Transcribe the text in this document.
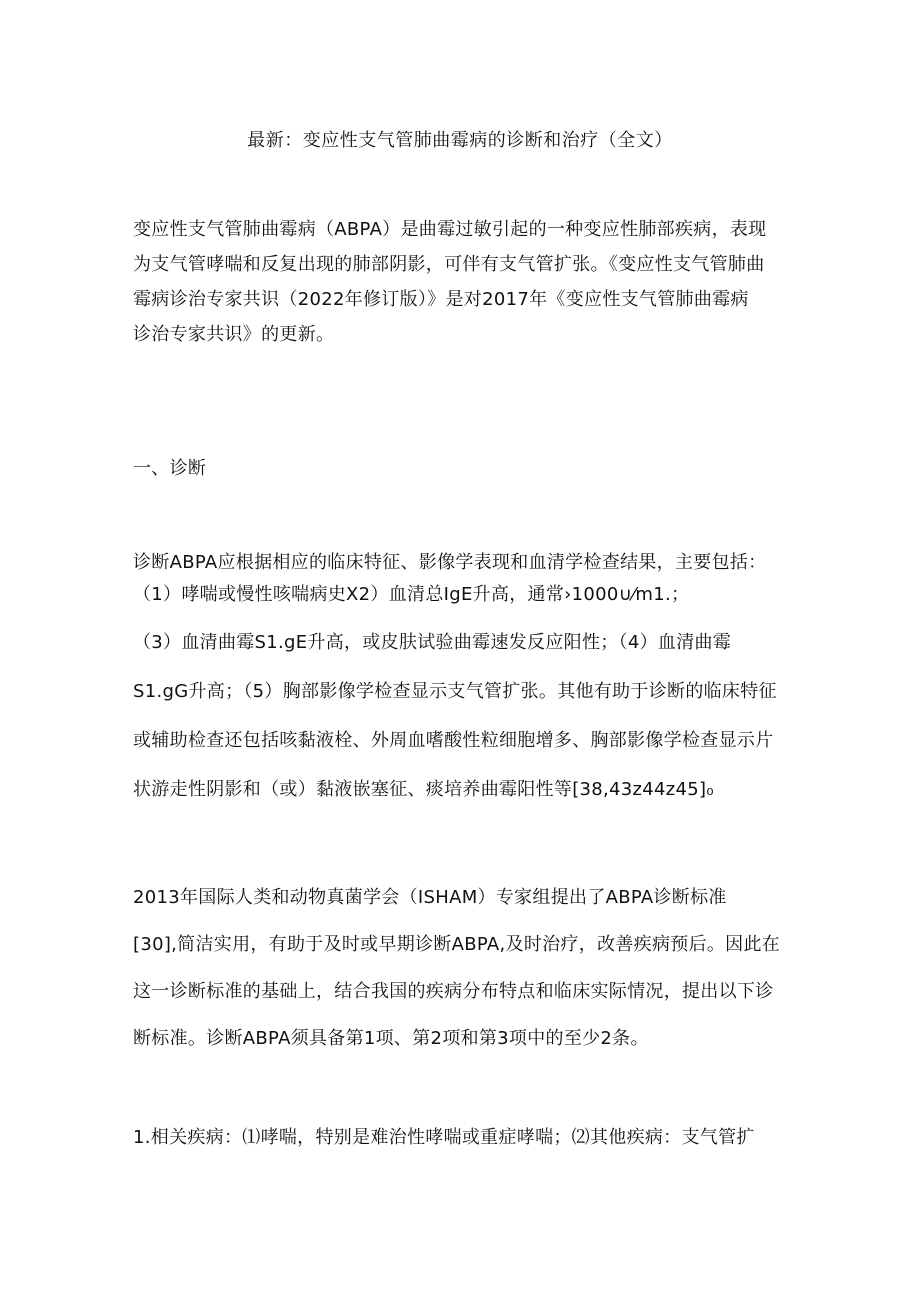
最新：变应性支气管肺曲霉病的诊断和治疗（全文）
变应性支气管肺曲霉病（ABPA）是曲霉过敏引起的一种变应性肺部疾病，表现
为支气管哮喘和反复出现的肺部阴影，可伴有支气管扩张。《变应性支气管肺曲
霉病诊治专家共识（2022年修订版）》是对2017年《变应性支气管肺曲霉病
诊治专家共识》的更新。
一、诊断
诊断ABPA应根据相应的临床特征、影像学表现和血清学检查结果，主要包括：
（1）哮喘或慢性咳喘病史X2）血清总IgE升高，通常›1000∪⁄m1.；
（3）血清曲霉S1.gE升高，或皮肤试验曲霉速发反应阳性；（4）血清曲霉
S1.gG升高；（5）胸部影像学检查显示支气管扩张。其他有助于诊断的临床特征
或辅助检查还包括咳黏液栓、外周血嗜酸性粒细胞增多、胸部影像学检查显示片
状游走性阴影和（或）黏液嵌塞征、痰培养曲霉阳性等[38,43z44z45]₀
2013年国际人类和动物真菌学会（ISHAM）专家组提出了ABPA诊断标准
[30],简洁实用，有助于及时或早期诊断ABPA,及时治疗，改善疾病预后。因此在
这一诊断标准的基础上，结合我国的疾病分布特点和临床实际情况，提出以下诊
断标准。诊断ABPA须具备第1项、第2项和第3项中的至少2条。
1.相关疾病：⑴哮喘，特别是难治性哮喘或重症哮喘；⑵其他疾病：支气管扩
